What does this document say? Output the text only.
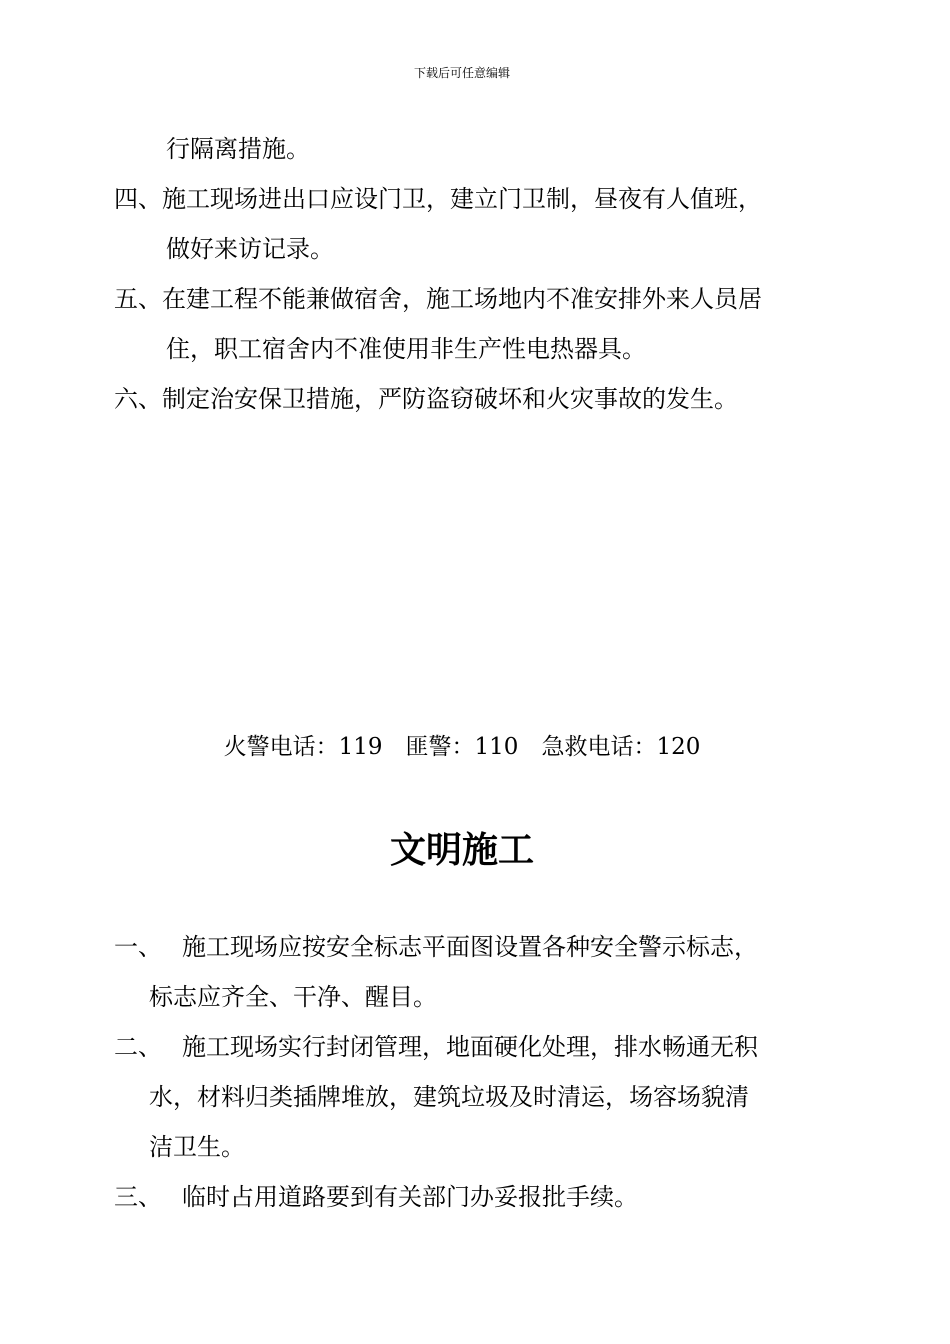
下载后可任意编辑
行隔离措施。
四、施工现场进出口应设门卫，建立门卫制，昼夜有人值班，
做好来访记录。
五、在建工程不能兼做宿舍，施工场地内不准安排外来人员居
住，职工宿舍内不准使用非生产性电热器具。
六、制定治安保卫措施，严防盗窃破坏和火灾事故的发生。
火警电话：119　匪警：110　急救电话：120
文明施工
一、 施工现场应按安全标志平面图设置各种安全警示标志，
标志应齐全、干净、醒目。
二、 施工现场实行封闭管理，地面硬化处理，排水畅通无积
水，材料归类插牌堆放，建筑垃圾及时清运，场容场貌清
洁卫生。
三、 临时占用道路要到有关部门办妥报批手续。
